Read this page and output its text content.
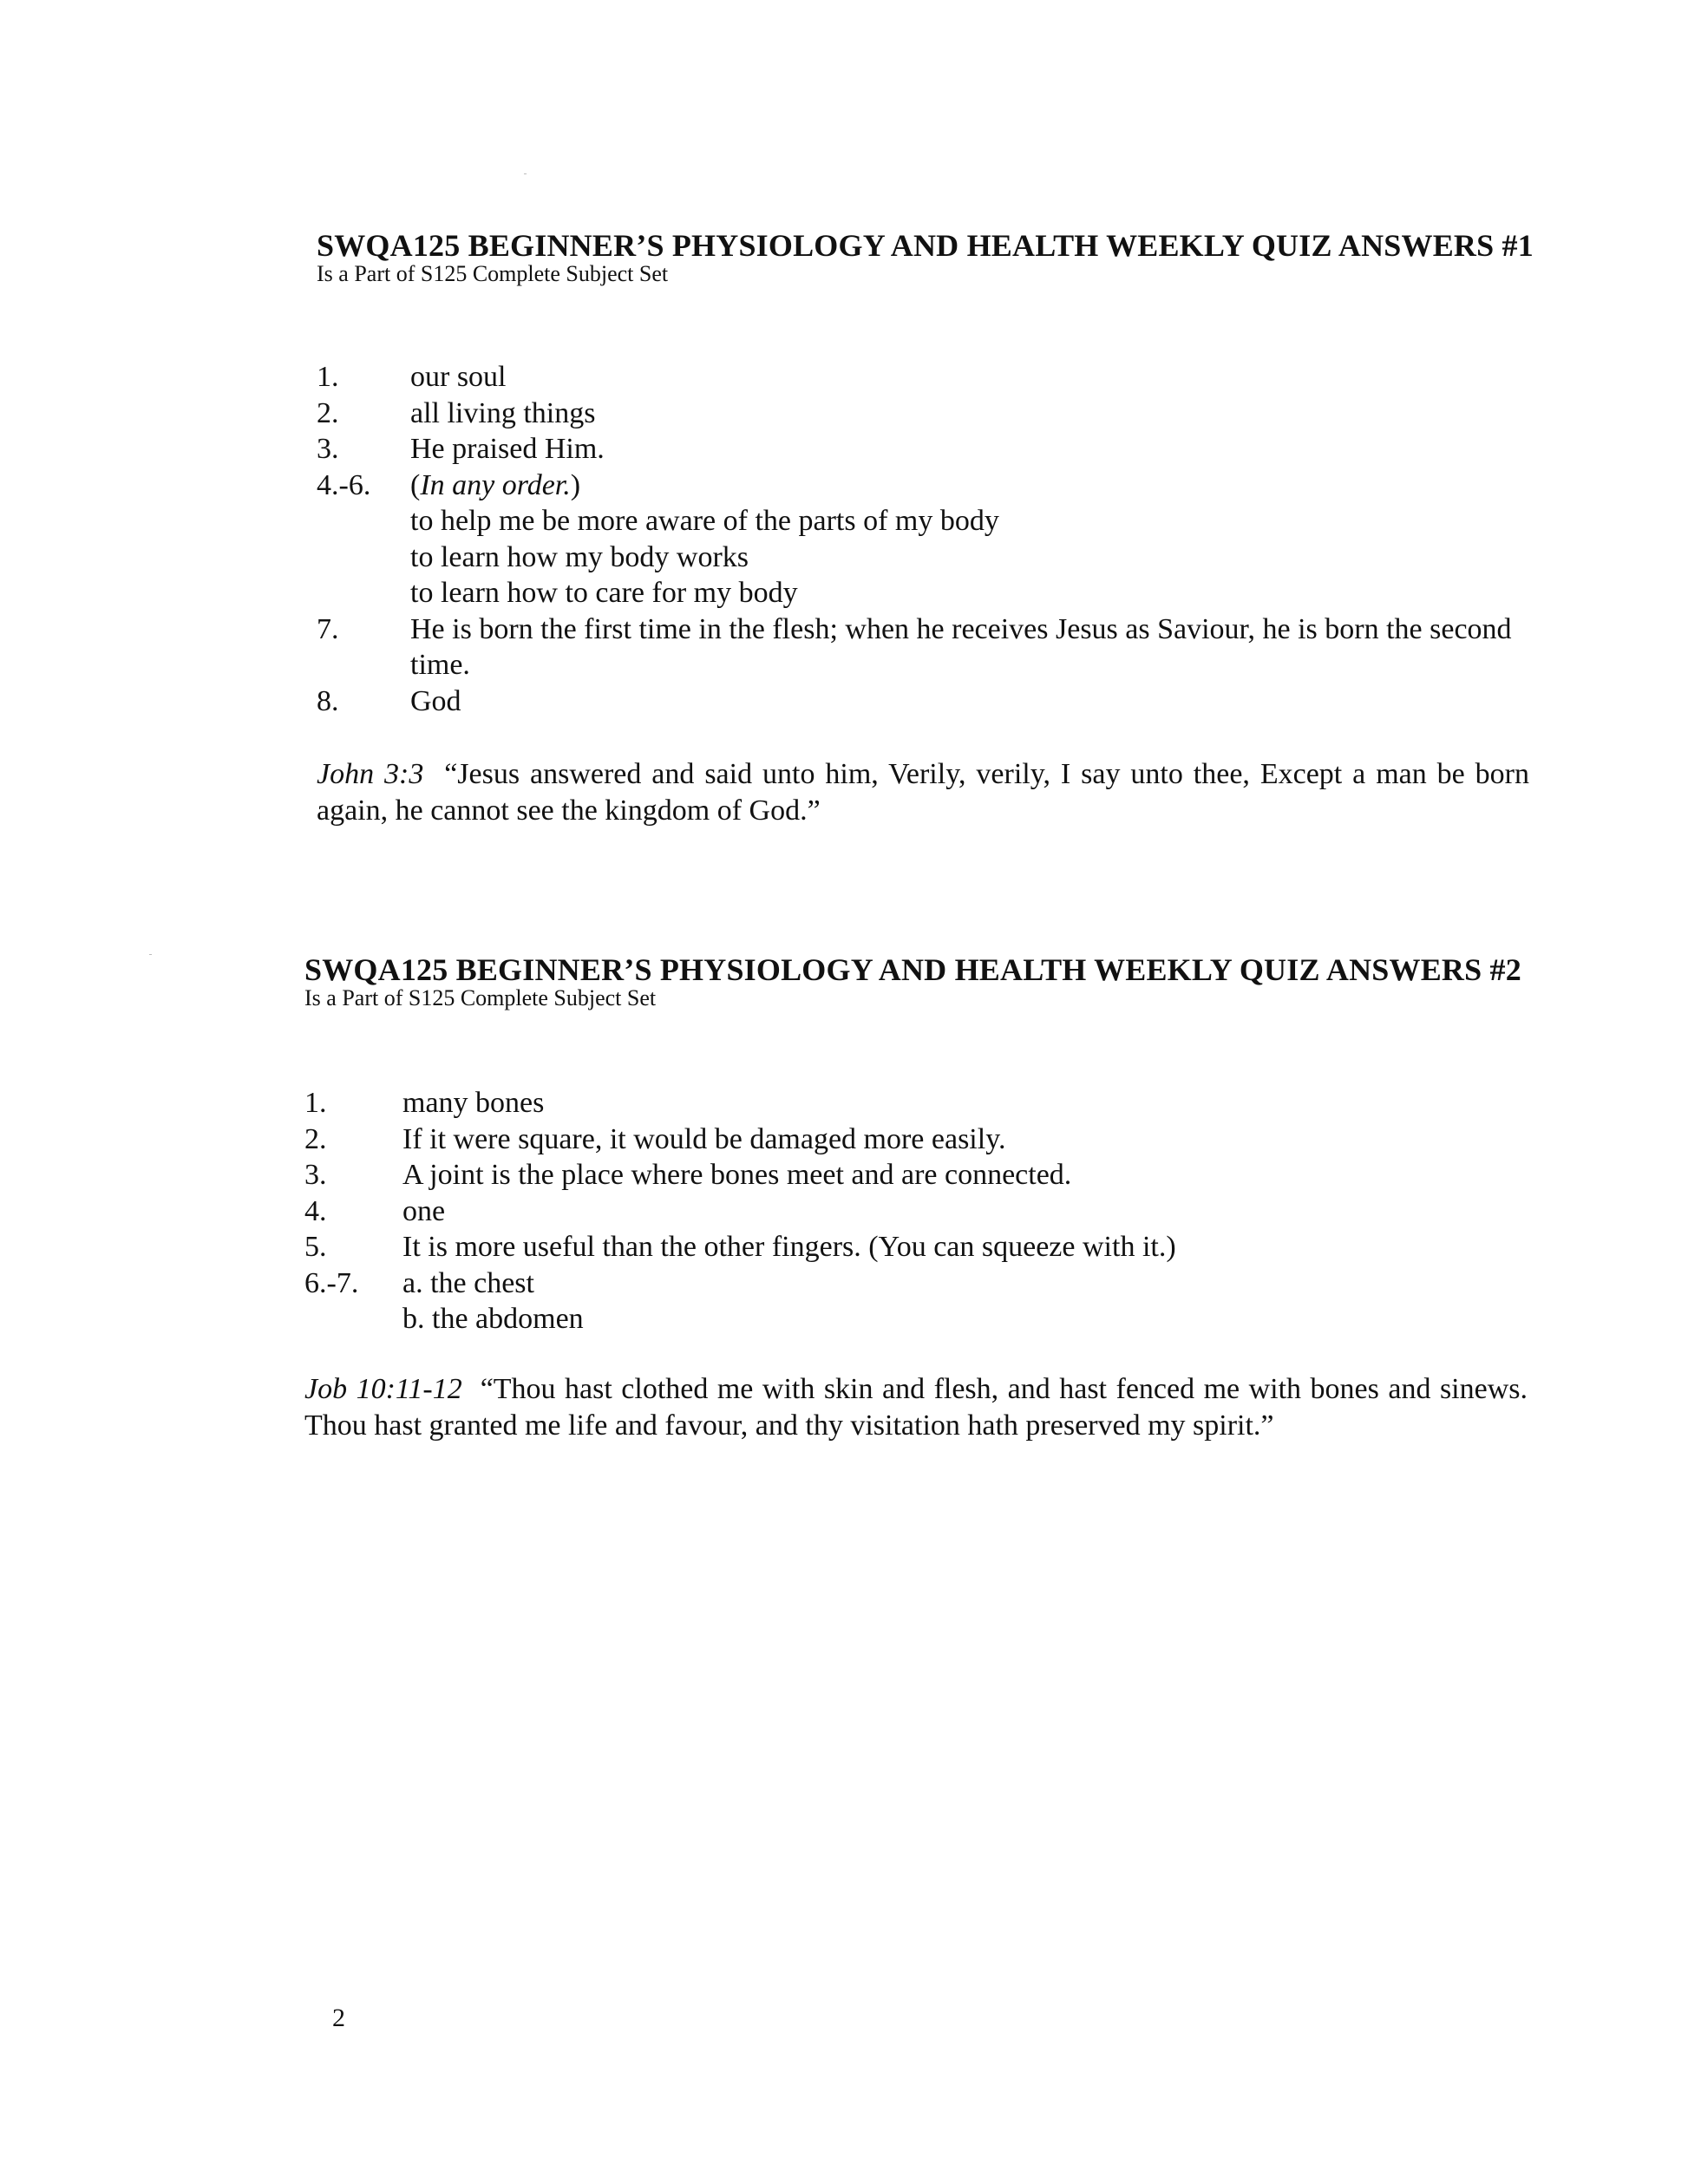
SWQA125 BEGINNER’S PHYSIOLOGY AND HEALTH WEEKLY QUIZ ANSWERS #1
Is a Part of S125 Complete Subject Set
1. our soul
2. all living things
3. He praised Him.
4.-6. (In any order.)
to help me be more aware of the parts of my body
to learn how my body works
to learn how to care for my body
7. He is born the first time in the flesh; when he receives Jesus as Saviour, he is born the second time.
8. God
John 3:3 “Jesus answered and said unto him, Verily, verily, I say unto thee, Except a man be born again, he cannot see the kingdom of God.”
SWQA125 BEGINNER’S PHYSIOLOGY AND HEALTH WEEKLY QUIZ ANSWERS #2
Is a Part of S125 Complete Subject Set
1.	many bones
2.	If it were square, it would be damaged more easily.
3.	A joint is the place where bones meet and are connected.
4.	one
5.	It is more useful than the other fingers. (You can squeeze with it.)
6.-7. a. the chest
b. the abdomen
Job 10:11-12 “Thou hast clothed me with skin and flesh, and hast fenced me with bones and sinews. Thou hast granted me life and favour, and thy visitation hath preserved my spirit.”
2
